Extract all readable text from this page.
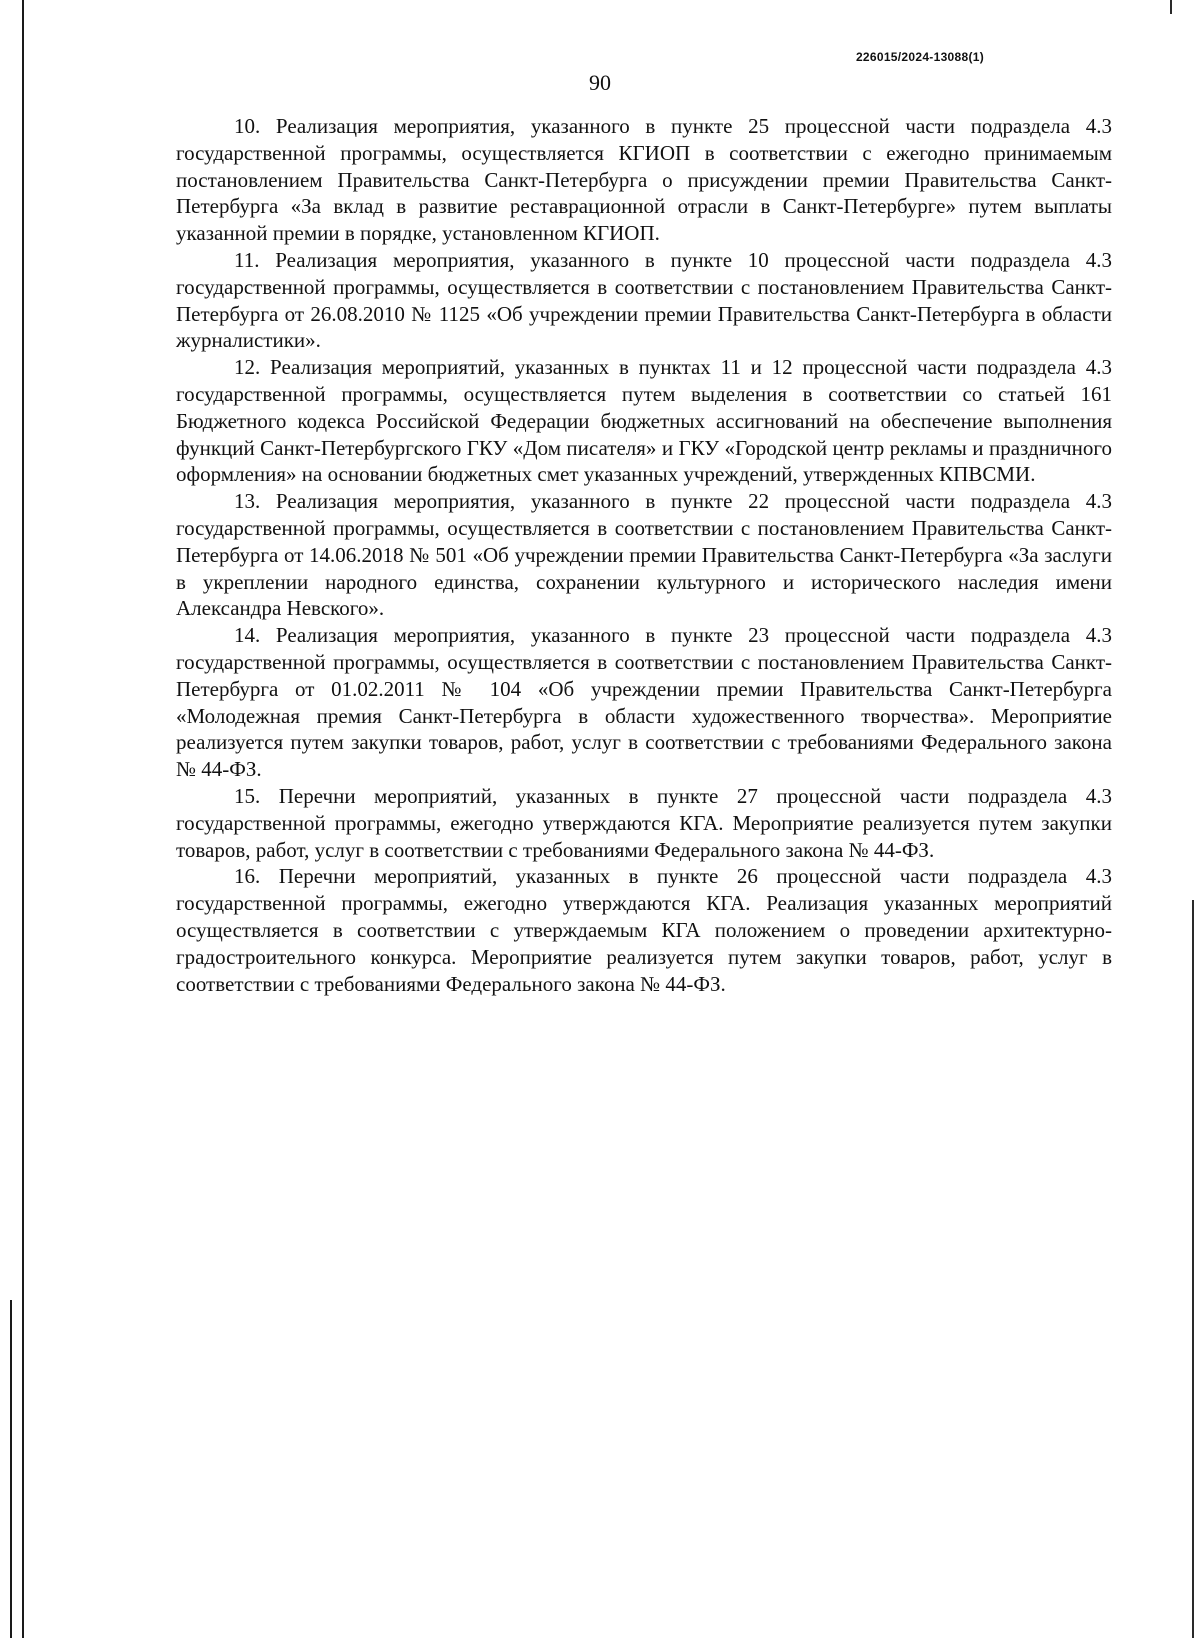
226015/2024-13088(1)
90

10. Реализация мероприятия, указанного в пункте 25 процессной части подраздела 4.3 государственной программы, осуществляется КГИОП в соответствии с ежегодно принимаемым постановлением Правительства Санкт-Петербурга о присуждении премии Правительства Санкт-Петербурга «За вклад в развитие реставрационной отрасли в Санкт-Петербурге» путем выплаты указанной премии в порядке, установленном КГИОП.

11. Реализация мероприятия, указанного в пункте 10 процессной части подраздела 4.3 государственной программы, осуществляется в соответствии с постановлением Правительства Санкт-Петербурга от 26.08.2010 № 1125 «Об учреждении премии Правительства Санкт-Петербурга в области журналистики».

12. Реализация мероприятий, указанных в пунктах 11 и 12 процессной части подраздела 4.3 государственной программы, осуществляется путем выделения в соответствии со статьей 161 Бюджетного кодекса Российской Федерации бюджетных ассигнований на обеспечение выполнения функций Санкт-Петербургского ГКУ «Дом писателя» и ГКУ «Городской центр рекламы и праздничного оформления» на основании бюджетных смет указанных учреждений, утвержденных КПВСМИ.

13. Реализация мероприятия, указанного в пункте 22 процессной части подраздела 4.3 государственной программы, осуществляется в соответствии с постановлением Правительства Санкт-Петербурга от 14.06.2018 № 501 «Об учреждении премии Правительства Санкт-Петербурга «За заслуги в укреплении народного единства, сохранении культурного и исторического наследия имени Александра Невского».

14. Реализация мероприятия, указанного в пункте 23 процессной части подраздела 4.3 государственной программы, осуществляется в соответствии с постановлением Правительства Санкт-Петербурга от 01.02.2011 № 104 «Об учреждении премии Правительства Санкт-Петербурга «Молодежная премия Санкт-Петербурга в области художественного творчества». Мероприятие реализуется путем закупки товаров, работ, услуг в соответствии с требованиями Федерального закона № 44-ФЗ.

15. Перечни мероприятий, указанных в пункте 27 процессной части подраздела 4.3 государственной программы, ежегодно утверждаются КГА. Мероприятие реализуется путем закупки товаров, работ, услуг в соответствии с требованиями Федерального закона № 44-ФЗ.

16. Перечни мероприятий, указанных в пункте 26 процессной части подраздела 4.3 государственной программы, ежегодно утверждаются КГА. Реализация указанных мероприятий осуществляется в соответствии с утверждаемым КГА положением о проведении архитектурно-градостроительного конкурса. Мероприятие реализуется путем закупки товаров, работ, услуг в соответствии с требованиями Федерального закона № 44-ФЗ.
